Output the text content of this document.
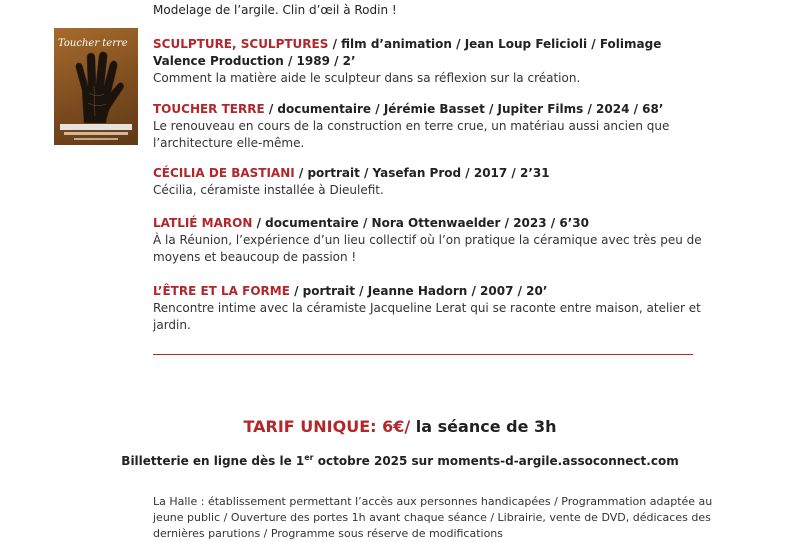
Modelage de l’argile. Clin d’œil à Rodin !
Toucher terre SCULPTURE, SCULPTURES / film d’animation / Jean Loup Felicioli / Folimage Valence Production / 1989 / 2’
Comment la matière aide le sculpteur dans sa réflexion sur la création.
TOUCHER TERRE / documentaire / Jérémie Basset / Jupiter Films / 2024 / 68’
Le renouveau en cours de la construction en terre crue, un matériau aussi ancien que l’architecture elle-même.
CÉCILIA DE BASTIANI / portrait / Yasefan Prod / 2017 / 2’31
Cécilia, céramiste installée à Dieulefit.
LATLIÉ MARON / documentaire / Nora Ottenwaelder / 2023 / 6’30
À la Réunion, l’expérience d’un lieu collectif où l’on pratique la céramique avec très peu de moyens et beaucoup de passion !
L’ÊTRE ET LA FORME / portrait / Jeanne Hadorn / 2007 / 20’
Rencontre intime avec la céramiste Jacqueline Lerat qui se raconte entre maison, atelier et jardin.
TARIF UNIQUE: 6€/ la séance de 3h
Billetterie en ligne dès le 1er octobre 2025 sur moments-d-argile.assoconnect.com
La Halle : établissement permettant l’accès aux personnes handicapées / Programmation adaptée au jeune public / Ouverture des portes 1h avant chaque séance / Librairie, vente de DVD, dédicaces des dernières parutions / Programme sous réserve de modifications
